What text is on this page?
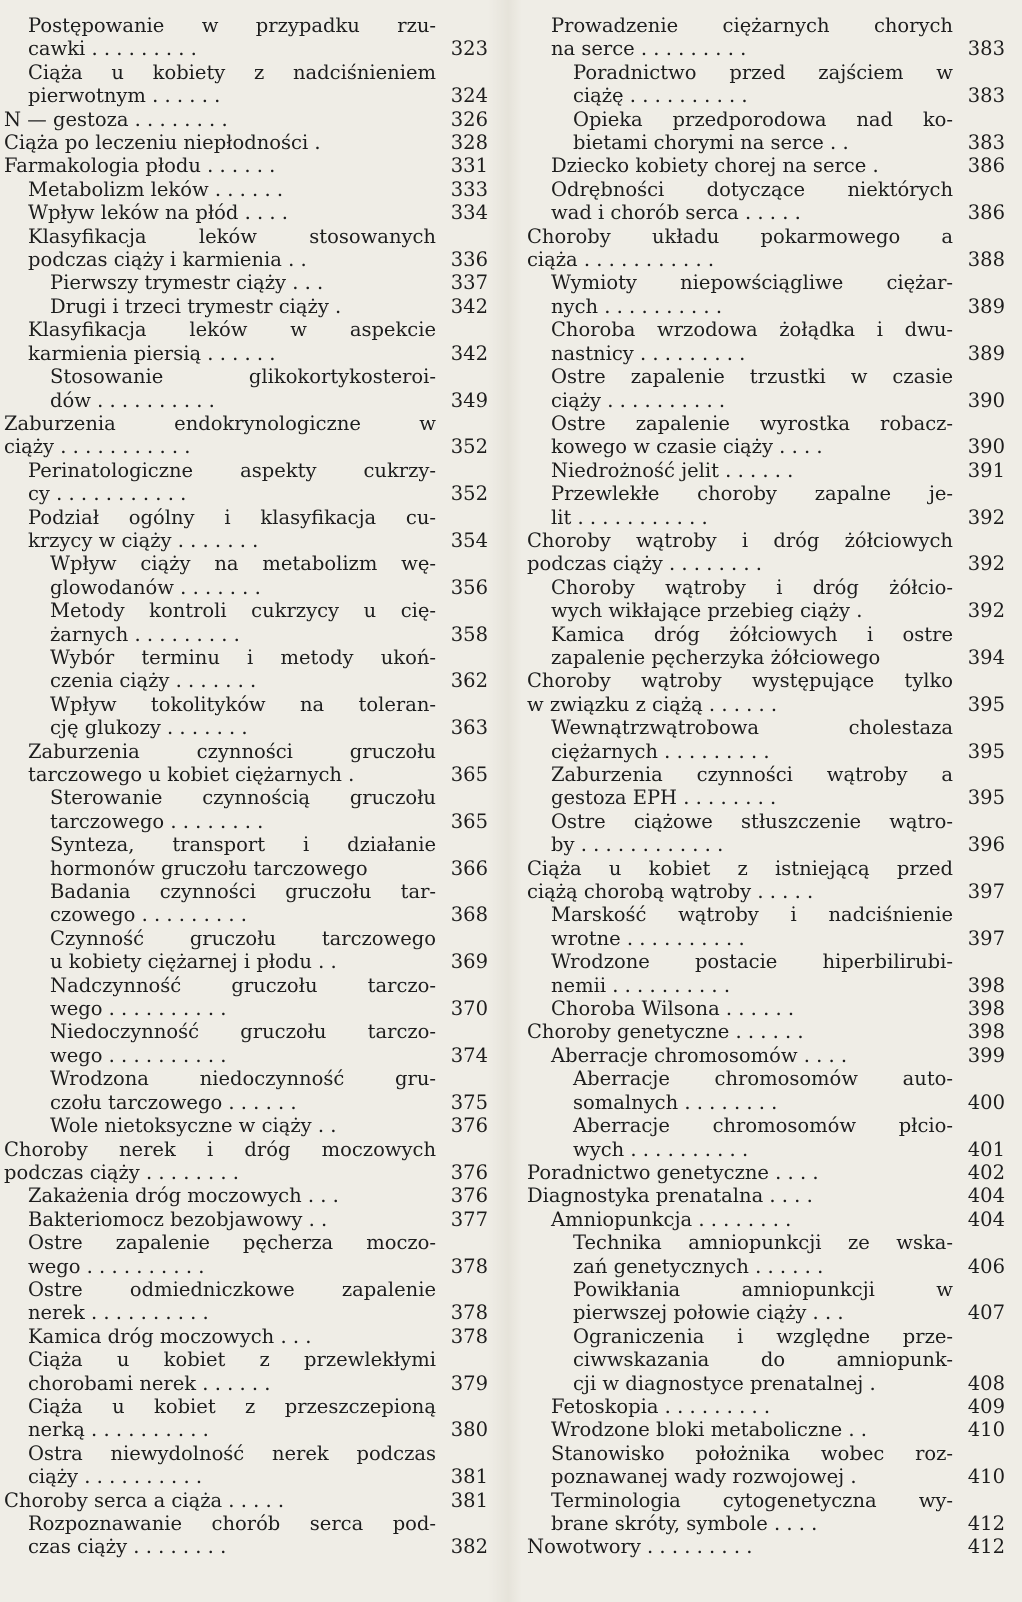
Postępowanie w przypadku rzu-
cawki . . . . . . . . .	323
Ciąża u kobiety z nadciśnieniem
pierwotnym . . . . . .	324
N — gestoza . . . . . . . .	326
Ciąża po leczeniu niepłodności .	328
Farmakologia płodu . . . . . .	331
Metabolizm leków . . . . . .	333
Wpływ leków na płód . . . .	334
Klasyfikacja leków stosowanych
podczas ciąży i karmienia . .	336
Pierwszy trymestr ciąży . . .	337
Drugi i trzeci trymestr ciąży .	342
Klasyfikacja leków w aspekcie
karmienia piersią . . . . . .	342
Stosowanie glikokortykosteroi-
dów . . . . . . . . . .	349
Zaburzenia endokrynologiczne w
ciąży . . . . . . . . . . .	352
Perinatologiczne aspekty cukrzy-
cy . . . . . . . . . . .	352
Podział ogólny i klasyfikacja cu-
krzycy w ciąży . . . . . . .	354
Wpływ ciąży na metabolizm wę-
glowodanów . . . . . . .	356
Metody kontroli cukrzycy u cię-
żarnych . . . . . . . . .	358
Wybór terminu i metody ukoń-
czenia ciąży . . . . . . .	362
Wpływ tokolityków na toleran-
cję glukozy . . . . . . .	363
Zaburzenia czynności gruczołu
tarczowego u kobiet ciężarnych .	365
Sterowanie czynnością gruczołu
tarczowego . . . . . . . .	365
Synteza, transport i działanie
hormonów gruczołu tarczowego	366
Badania czynności gruczołu tar-
czowego . . . . . . . . .	368
Czynność gruczołu tarczowego
u kobiety ciężarnej i płodu . .	369
Nadczynność gruczołu tarczo-
wego . . . . . . . . . .	370
Niedoczynność gruczołu tarczo-
wego . . . . . . . . . .	374
Wrodzona niedoczynność gru-
czołu tarczowego . . . . . .	375
Wole nietoksyczne w ciąży . .	376
Choroby nerek i dróg moczowych
podczas ciąży . . . . . . . .	376
Zakażenia dróg moczowych . . .	376
Bakteriomocz bezobjawowy . .	377
Ostre zapalenie pęcherza moczo-
wego . . . . . . . . . .	378
Ostre odmiedniczkowe zapalenie
nerek . . . . . . . . . .	378
Kamica dróg moczowych . . .	378
Ciąża u kobiet z przewlekłymi
chorobami nerek . . . . . .	379
Ciąża u kobiet z przeszczepioną
nerką . . . . . . . . . .	380
Ostra niewydolność nerek podczas
ciąży . . . . . . . . . .	381
Choroby serca a ciąża . . . . .	381
Rozpoznawanie chorób serca pod-
czas ciąży . . . . . . . .	382
Prowadzenie ciężarnych chorych
na serce . . . . . . . . .	383
Poradnictwo przed zajściem w
ciążę . . . . . . . . . .	383
Opieka przedporodowa nad ko-
bietami chorymi na serce . .	383
Dziecko kobiety chorej na serce .	386
Odrębności dotyczące niektórych
wad i chorób serca . . . . .	386
Choroby układu pokarmowego a
ciąża . . . . . . . . . . .	388
Wymioty niepowściągliwe ciężar-
nych . . . . . . . . . .	389
Choroba wrzodowa żołądka i dwu-
nastnicy . . . . . . . . .	389
Ostre zapalenie trzustki w czasie
ciąży . . . . . . . . . .	390
Ostre zapalenie wyrostka robacz-
kowego w czasie ciąży . . . .	390
Niedrożność jelit . . . . . .	391
Przewlekłe choroby zapalne je-
lit . . . . . . . . . . .	392
Choroby wątroby i dróg żółciowych
podczas ciąży . . . . . . . .	392
Choroby wątroby i dróg żółcio-
wych wikłające przebieg ciąży .	392
Kamica dróg żółciowych i ostre
zapalenie pęcherzyka żółciowego	394
Choroby wątroby występujące tylko
w związku z ciążą . . . . . .	395
Wewnątrzwątrobowa cholestaza
ciężarnych . . . . . . . . .	395
Zaburzenia czynności wątroby a
gestoza EPH . . . . . . . .	395
Ostre ciążowe stłuszczenie wątro-
by . . . . . . . . . . . .	396
Ciąża u kobiet z istniejącą przed
ciążą chorobą wątroby . . . . .	397
Marskość wątroby i nadciśnienie
wrotne . . . . . . . . . .	397
Wrodzone postacie hiperbilirubi-
nemii . . . . . . . . . .	398
Choroba Wilsona . . . . . .	398
Choroby genetyczne . . . . . .	398
Aberracje chromosomów . . . .	399
Aberracje chromosomów auto-
somalnych . . . . . . . .	400
Aberracje chromosomów płcio-
wych . . . . . . . . . .	401
Poradnictwo genetyczne . . . .	402
Diagnostyka prenatalna . . . .	404
Amniopunkcja . . . . . . . .	404
Technika amniopunkcji ze wska-
zań genetycznych . . . . . .	406
Powikłania amniopunkcji w
pierwszej połowie ciąży . . .	407
Ograniczenia i względne prze-
ciwwskazania do amniopunk-
cji w diagnostyce prenatalnej .	408
Fetoskopia . . . . . . . . .	409
Wrodzone bloki metaboliczne . .	410
Stanowisko położnika wobec roz-
poznawanej wady rozwojowej .	410
Terminologia cytogenetyczna wy-
brane skróty, symbole . . . .	412
Nowotwory . . . . . . . . .	412
